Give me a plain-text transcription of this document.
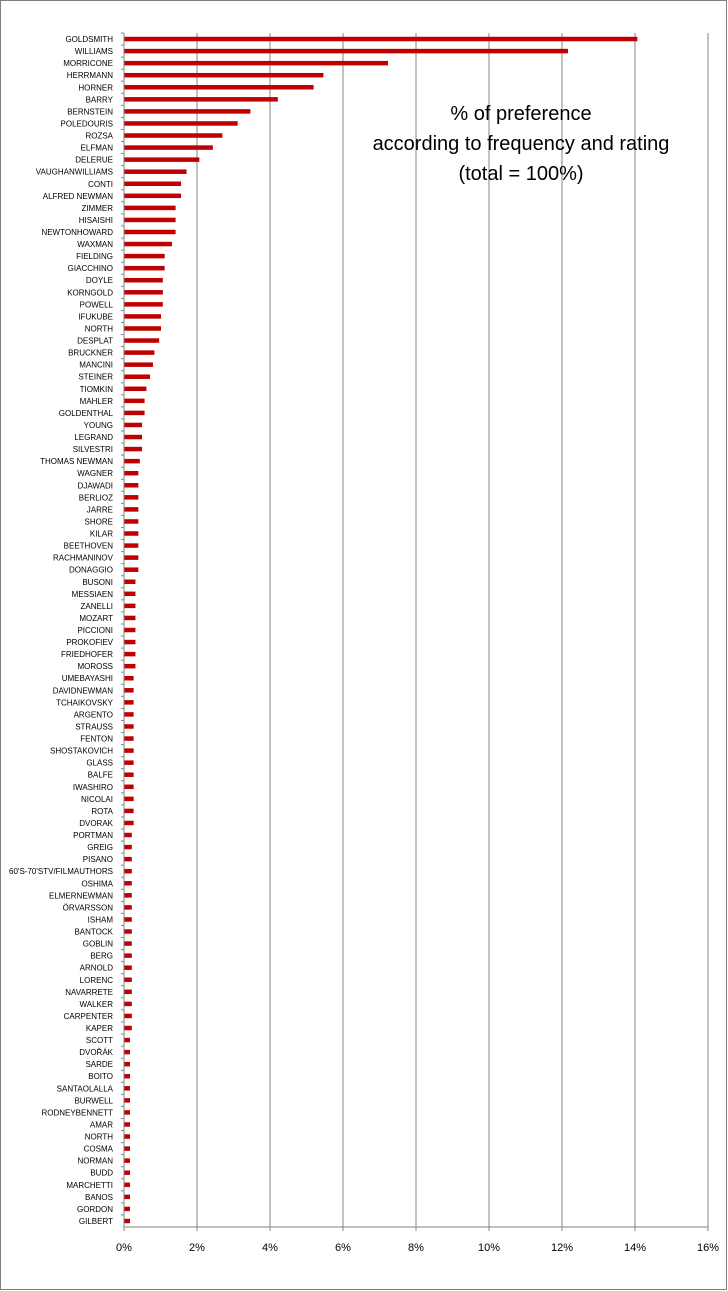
GOLDSMITH
WILLIAMS
MORRICONE
HERRMANN
HORNER
BARRY
BERNSTEIN
POLEDOURIS
ROZSA
ELFMAN
DELERUE
VAUGHANWILLIAMS
CONTI
ALFRED NEWMAN
ZIMMER
HISAISHI
NEWTONHOWARD
WAXMAN
FIELDING
GIACCHINO
DOYLE
KORNGOLD
POWELL
IFUKUBE
NORTH
DESPLAT
BRUCKNER
MANCINI
STEINER
TIOMKIN
MAHLER
GOLDENTHAL
YOUNG
LEGRAND
SILVESTRI
THOMAS NEWMAN
WAGNER
DJAWADI
BERLIOZ
JARRE
SHORE
KILAR
BEETHOVEN
RACHMANINOV
DONAGGIO
BUSONI
MESSIAEN
ZANELLI
MOZART
PICCIONI
PROKOFIEV
FRIEDHOFER
MOROSS
UMEBAYASHI
DAVIDNEWMAN
TCHAIKOVSKY
ARGENTO
STRAUSS
FENTON
SHOSTAKOVICH
GLASS
BALFE
IWASHIRO
NICOLAI
ROTA
DVORAK
PORTMAN
GREIG
PISANO
60'S-70'STV/FILMAUTHORS
OSHIMA
ELMERNEWMAN
ÖRVARSSON
ISHAM
BANTOCK
GOBLIN
BERG
ARNOLD
LORENC
NAVARRETE
WALKER
CARPENTER
KAPER
SCOTT
DVOŘÁK
SARDE
BOITO
SANTAOLALLA
BURWELL
RODNEYBENNETT
AMAR
NORTH
COSMA
NORMAN
BUDD
MARCHETTI
BANOS
GORDON
GILBERT
0%	2%	4%	6%	8%	10%	12%	14%	16%
% of preference
according to frequency and rating
(total = 100%)
